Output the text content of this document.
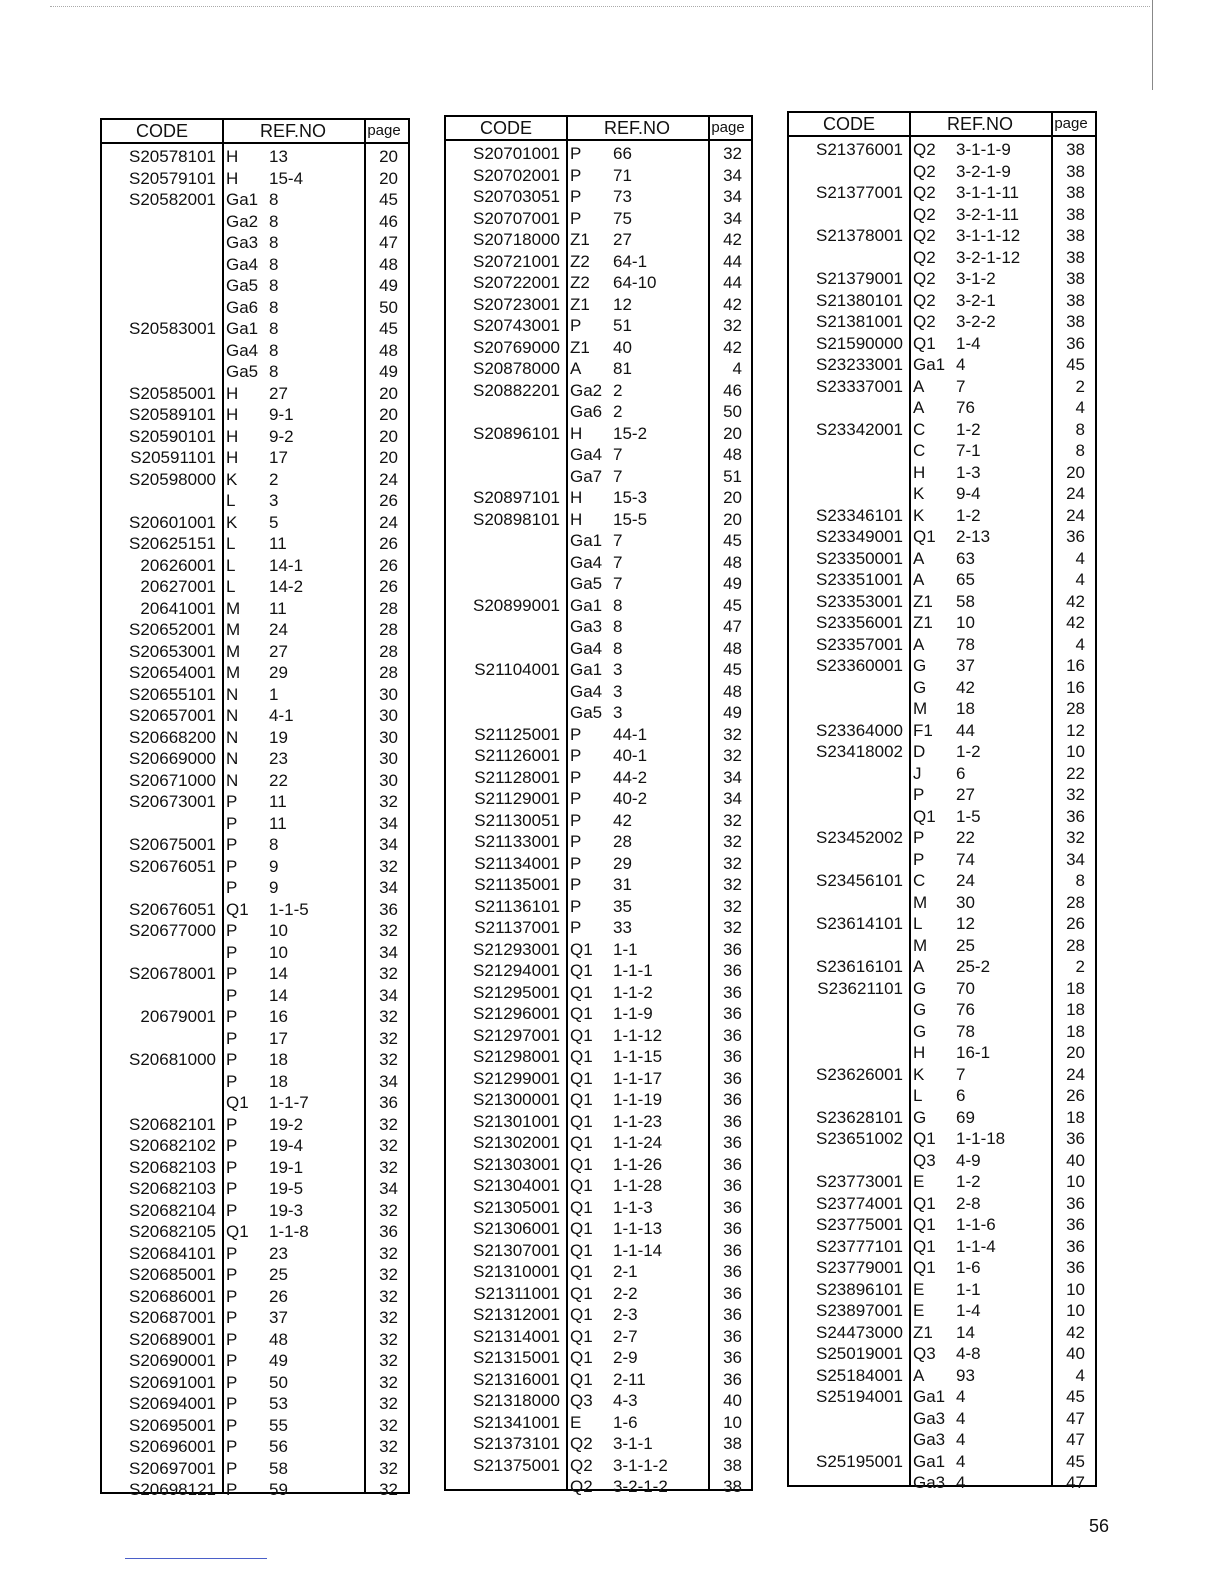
CODE	REF.NO	page
S20578101 H 13	20
S20579101 H 15-4	20
S20582001 Ga1 8	45
Ga2 8	46
Ga3 8	47
Ga4 8	48
Ga5 8	49
Ga6 8	50
S20583001 Ga1 8	45
Ga4 8	48
Ga5 8	49
S20585001 H 27	20
S20589101 H 9-1	20
S20590101 H 9-2	20
S20591101 H 17	20
S20598000 K 2	24
L 3	26
S20601001 K 5	24
S20625151 L 11	26
20626001 L 14-1	26
20627001 L 14-2	26
20641001 M 11	28
S20652001 M 24	28
S20653001 M 27	28
S20654001 M 29	28
S20655101 N 1	30
S20657001 N 4-1	30
S20668200 N 19	30
S20669000 N 23	30
S20671000 N 22	30
S20673001 P 11	32
P 11	34
S20675001 P 8	34
S20676051 P 9	32
P 9	34
S20676051 Q1 1-1-5	36
S20677000 P 10	32
P 10	34
S20678001 P 14	32
P 14	34
20679001 P 16	32
P 17	32
S20681000 P 18	32
P 18	34
Q1 1-1-7	36
S20682101 P 19-2	32
S20682102 P 19-4	32
S20682103 P 19-1	32
S20682103 P 19-5	34
S20682104 P 19-3	32
S20682105 Q1 1-1-8	36
S20684101 P 23	32
S20685001 P 25	32
S20686001 P 26	32
S20687001 P 37	32
S20689001 P 48	32
S20690001 P 49	32
S20691001 P 50	32
S20694001 P 53	32
S20695001 P 55	32
S20696001 P 56	32
S20697001 P 58	32
S20698121 P 59	32
CODE	REF.NO	page
S20701001 P 66	32
S20702001 P 71	34
S20703051 P 73	34
S20707001 P 75	34
S20718000 Z1 27	42
S20721001 Z2 64-1	44
S20722001 Z2 64-10	44
S20723001 Z1 12	42
S20743001 P 51	32
S20769000 Z1 40	42
S20878000 A 81	4
S20882201 Ga2 2	46
Ga6 2	50
S20896101 H 15-2	20
Ga4 7	48
Ga7 7	51
S20897101 H 15-3	20
S20898101 H 15-5	20
Ga1 7	45
Ga4 7	48
Ga5 7	49
S20899001 Ga1 8	45
Ga3 8	47
Ga4 8	48
S21104001 Ga1 3	45
Ga4 3	48
Ga5 3	49
S21125001 P 44-1	32
S21126001 P 40-1	32
S21128001 P 44-2	34
S21129001 P 40-2	34
S21130051 P 42	32
S21133001 P 28	32
S21134001 P 29	32
S21135001 P 31	32
S21136101 P 35	32
S21137001 P 33	32
S21293001 Q1 1-1	36
S21294001 Q1 1-1-1	36
S21295001 Q1 1-1-2	36
S21296001 Q1 1-1-9	36
S21297001 Q1 1-1-12	36
S21298001 Q1 1-1-15	36
S21299001 Q1 1-1-17	36
S21300001 Q1 1-1-19	36
S21301001 Q1 1-1-23	36
S21302001 Q1 1-1-24	36
S21303001 Q1 1-1-26	36
S21304001 Q1 1-1-28	36
S21305001 Q1 1-1-3	36
S21306001 Q1 1-1-13	36
S21307001 Q1 1-1-14	36
S21310001 Q1 2-1	36
S21311001 Q1 2-2	36
S21312001 Q1 2-3	36
S21314001 Q1 2-7	36
S21315001 Q1 2-9	36
S21316001 Q1 2-11	36
S21318000 Q3 4-3	40
S21341001 E 1-6	10
S21373101 Q2 3-1-1	38
S21375001 Q2 3-1-1-2	38
Q2 3-2-1-2	38
CODE	REF.NO	page
S21376001 Q2 3-1-1-9	38
Q2 3-2-1-9	38
S21377001 Q2 3-1-1-11	38
Q2 3-2-1-11	38
S21378001 Q2 3-1-1-12	38
Q2 3-2-1-12	38
S21379001 Q2 3-1-2	38
S21380101 Q2 3-2-1	38
S21381001 Q2 3-2-2	38
S21590000 Q1 1-4	36
S23233001 Ga1 4	45
S23337001 A 7	2
A 76	4
S23342001 C 1-2	8
C 7-1	8
H 1-3	20
K 9-4	24
S23346101 K 1-2	24
S23349001 Q1 2-13	36
S23350001 A 63	4
S23351001 A 65	4
S23353001 Z1 58	42
S23356001 Z1 10	42
S23357001 A 78	4
S23360001 G 37	16
G 42	16
M 18	28
S23364000 F1 44	12
S23418002 D 1-2	10
J 6	22
P 27	32
Q1 1-5	36
S23452002 P 22	32
P 74	34
S23456101 C 24	8
M 30	28
S23614101 L 12	26
M 25	28
S23616101 A 25-2	2
S23621101 G 70	18
G 76	18
G 78	18
H 16-1	20
S23626001 K 7	24
L 6	26
S23628101 G 69	18
S23651002 Q1 1-1-18	36
Q3 4-9	40
S23773001 E 1-2	10
S23774001 Q1 2-8	36
S23775001 Q1 1-1-6	36
S23777101 Q1 1-1-4	36
S23779001 Q1 1-6	36
S23896101 E 1-1	10
S23897001 E 1-4	10
S24473000 Z1 14	42
S25019001 Q3 4-8	40
S25184001 A 93	4
S25194001 Ga1 4	45
Ga3 4	47
Ga3 4	47
S25195001 Ga1 4	45
Ga3 4	47
56
